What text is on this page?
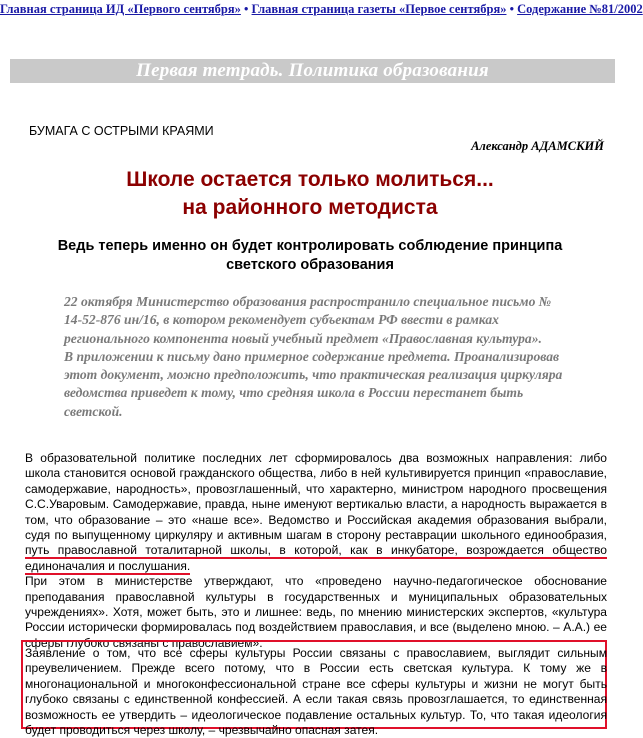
Главная страница ИД «Первого сентября» • Главная страница газеты «Первое сентября» • Содержание №81/2002
Первая тетрадь. Политика образования
БУМАГА С ОСТРЫМИ КРАЯМИ
Александр АДАМСКИЙ
Школе остается только молиться...
на районного методиста
Ведь теперь именно он будет контролировать соблюдение принципа светского образования

22 октября Министерство образования распространило специальное письмо № 14-52-876 ин/16, в котором рекомендует субъектам РФ ввести в рамках регионального компонента новый учебный предмет «Православная культура».

В приложении к письму дано примерное содержание предмета. Проанализировав этот документ, можно предположить, что практическая реализация циркуляра ведомства приведет к тому, что средняя школа в России перестанет быть светской.

В образовательной политике последних лет сформировалось два возможных направления: либо школа становится основой гражданского общества, либо в ней культивируется принцип «православие, самодержавие, народность», провозглашенный, что характерно, министром народного просвещения С.С.Уваровым. Самодержавие, правда, ныне именуют вертикалью власти, а народность выражается в том, что образование – это «наше все». Ведомство и Российская академия образования выбрали, судя по выпущенному циркуляру и активным шагам в сторону реставрации школьного единообразия, путь православной тоталитарной школы, в которой, как в инкубаторе, возрождается общество единоначалия и послушания.

При этом в министерстве утверждают, что «проведено научно-педагогическое обоснование преподавания православной культуры в государственных и муниципальных образовательных учреждениях». Хотя, может быть, это и лишнее: ведь, по мнению министерских экспертов, «культура России исторически формировалась под воздействием православия, и все (выделено мною. – А.А.) ее сферы глубоко связаны с православием».

Заявление о том, что все сферы культуры России связаны с православием, выглядит сильным преувеличением. Прежде всего потому, что в России есть светская культура. К тому же в многонациональной и многоконфессиональной стране все сферы культуры и жизни не могут быть глубоко связаны с единственной конфессией. А если такая связь провозглашается, то единственная возможность ее утвердить – идеологическое подавление остальных культур. То, что такая идеология будет проводиться через школу, – чрезвычайно опасная затея.
